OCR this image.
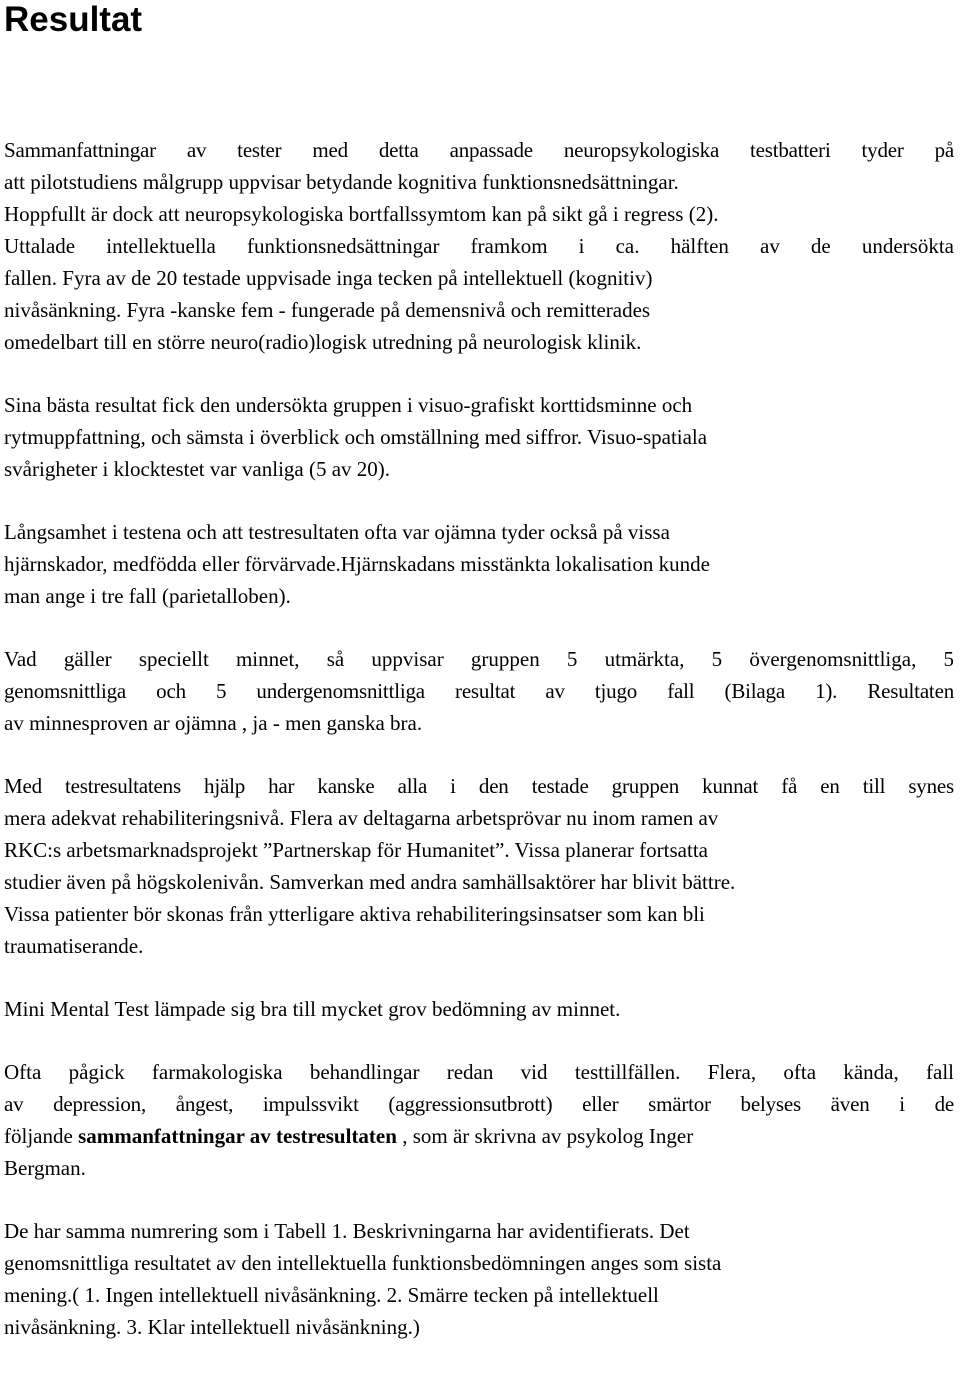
Resultat

Sammanfattningar av tester med detta anpassade neuropsykologiska testbatteri tyder på
att pilotstudiens målgrupp uppvisar betydande kognitiva funktionsnedsättningar.
Hoppfullt är dock att neuropsykologiska bortfallssymtom kan på sikt gå i regress (2).
Uttalade intellektuella funktionsnedsättningar framkom i ca. hälften av de undersökta
fallen. Fyra av de 20 testade uppvisade inga tecken på intellektuell (kognitiv)
nivåsänkning. Fyra -kanske fem - fungerade på demensnivå och remitterades
omedelbart till en större neuro(radio)logisk utredning på neurologisk klinik.

Sina bästa resultat fick den undersökta gruppen i visuo-grafiskt korttidsminne och
rytmuppfattning, och sämsta i överblick och omställning med siffror. Visuo-spatiala
svårigheter i klocktestet var vanliga (5 av 20).

Långsamhet i testena och att testresultaten ofta var ojämna tyder också på vissa
hjärnskador, medfödda eller förvärvade.Hjärnskadans misstänkta lokalisation kunde
man ange i tre fall (parietalloben).

Vad gäller speciellt minnet, så uppvisar gruppen 5 utmärkta, 5 övergenomsnittliga, 5
genomsnittliga och 5 undergenomsnittliga resultat av tjugo fall (Bilaga 1). Resultaten
av minnesproven ar ojämna , ja - men ganska bra.

Med testresultatens hjälp har kanske alla i den testade gruppen kunnat få en till synes
mera adekvat rehabiliteringsnivå. Flera av deltagarna arbetsprövar nu inom ramen av
RKC:s arbetsmarknadsprojekt ”Partnerskap för Humanitet”. Vissa planerar fortsatta
studier även på högskolenivån. Samverkan med andra samhällsaktörer har blivit bättre.
Vissa patienter bör skonas från ytterligare aktiva rehabiliteringsinsatser som kan bli
traumatiserande.

Mini Mental Test lämpade sig bra till mycket grov bedömning av minnet.

Ofta pågick farmakologiska behandlingar redan vid testtillfällen. Flera, ofta kända, fall
av depression, ångest, impulssvikt (aggressionsutbrott) eller smärtor belyses även i de
följande sammanfattningar av testresultaten , som är skrivna av psykolog Inger
Bergman.

De har samma numrering som i Tabell 1. Beskrivningarna har avidentifierats. Det
genomsnittliga resultatet av den intellektuella funktionsbedömningen anges som sista
mening.( 1. Ingen intellektuell nivåsänkning. 2. Smärre tecken på intellektuell
nivåsänkning. 3. Klar intellektuell nivåsänkning.)
